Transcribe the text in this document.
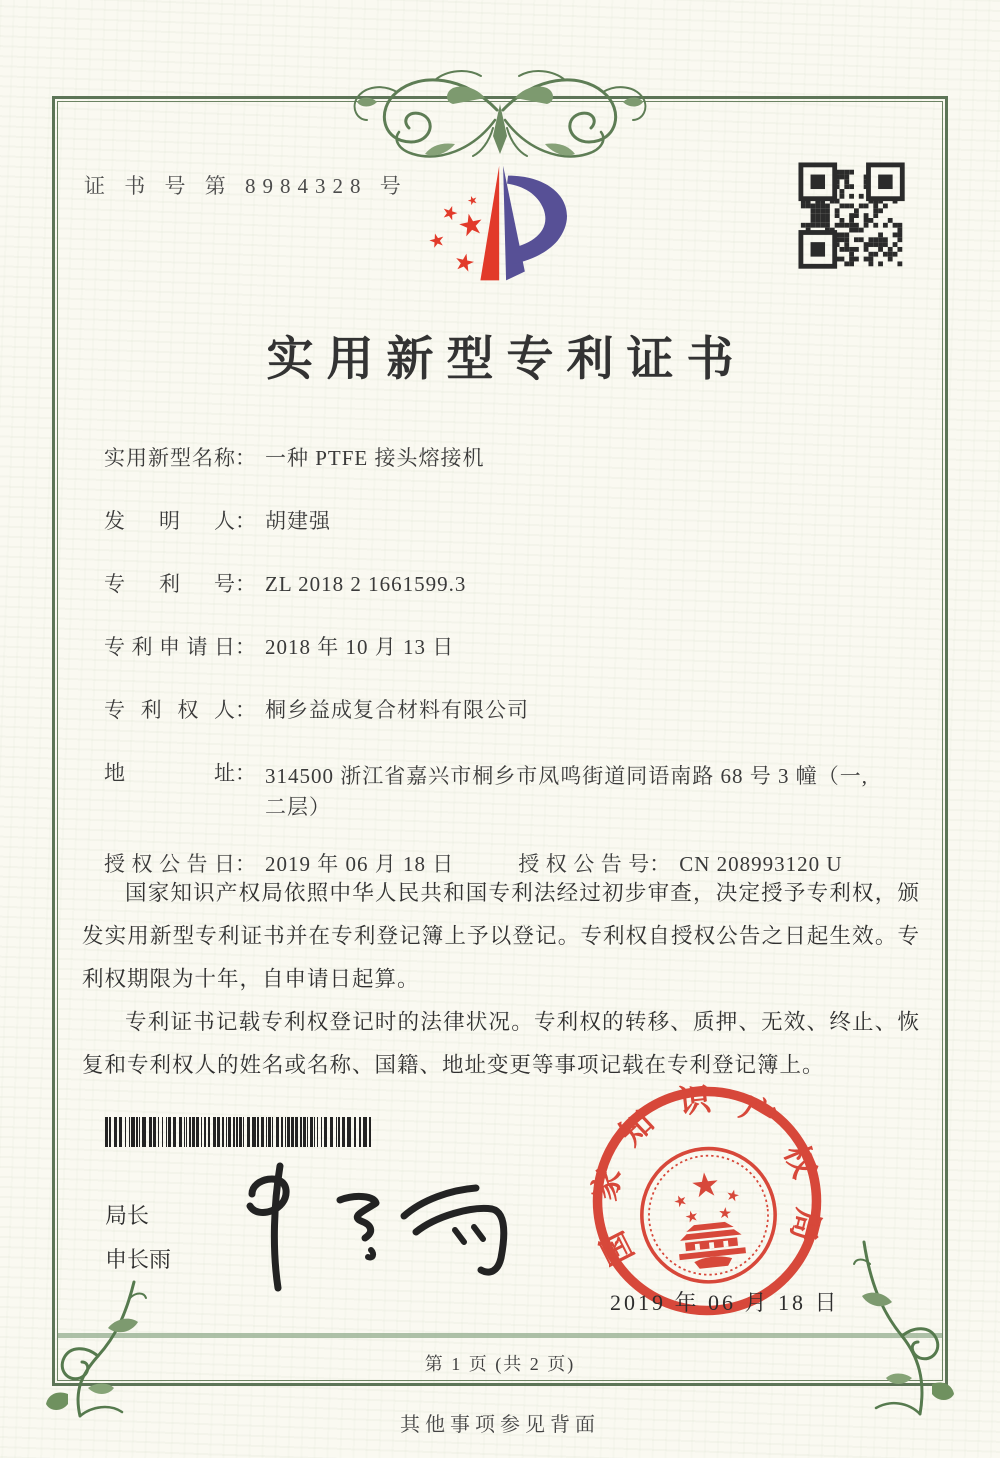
证 书 号 第 8984328 号
★
★
★
★
★
实用新型专利证书
实用新型名称： 一种 PTFE 接头熔接机
发明人： 胡建强
专利号： ZL 2018 2 1661599.3
专利申请日： 2018 年 10 月 13 日
专利权人： 桐乡益成复合材料有限公司
地址 ： 314500 浙江省嘉兴市桐乡市凤鸣街道同语南路 68 号 3 幢（一,二层）
授权公告日： 2019 年 06 月 18 日	授权公告号： CN 208993120 U

国家知识产权局依照中华人民共和国专利法经过初步审查，决定授予专利权，颁发实用新型专利证书并在专利登记簿上予以登记。专利权自授权公告之日起生效。专利权期限为十年，自申请日起算。

专利证书记载专利权登记时的法律状况。专利权的转移、质押、无效、终止、恢复和专利权人的姓名或名称、国籍、地址变更等事项记载在专利登记簿上。

局长
申长雨	国家知识产权局
★
★	★
★ ★
2019 年 06 月 18 日
第 1 页 (共 2 页)
其他事项参见背面
